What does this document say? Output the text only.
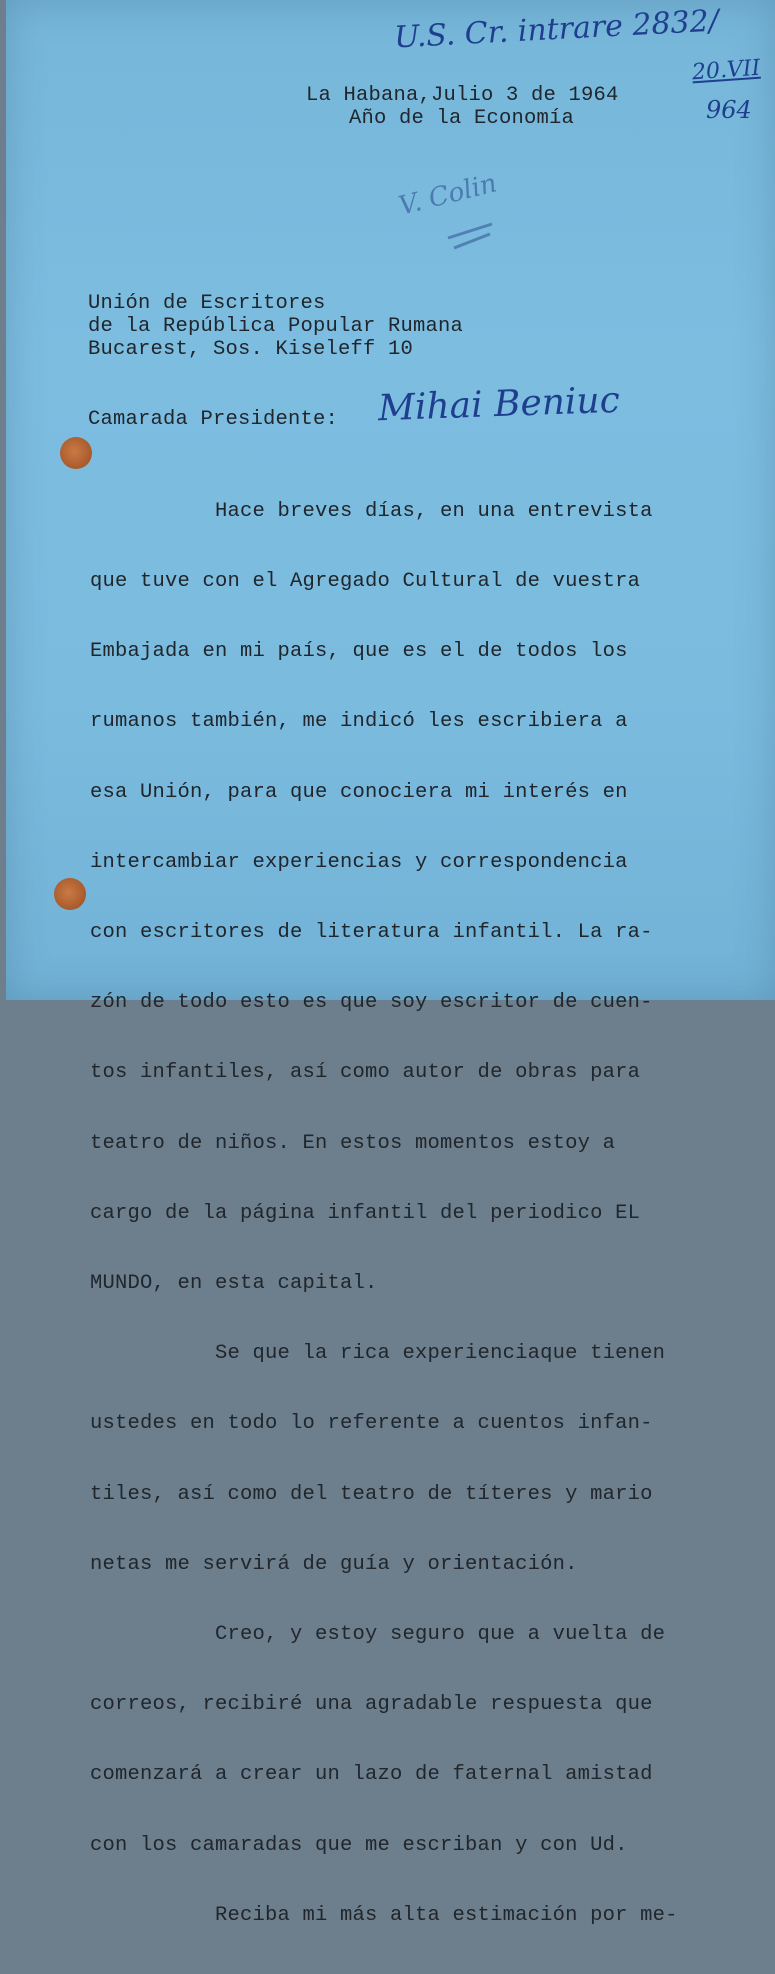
U.S. Cr. intrare 2832/
20.VII
964
La Habana,Julio 3 de 1964
Año de la Economía
V. Colin
Unión de Escritores
de la República Popular Rumana
Bucarest, Sos. Kiseleff 10
Camarada Presidente: Mihai Beniuc

Hace breves días, en una entrevista

que tuve con el Agregado Cultural de vuestra

Embajada en mi país, que es el de todos los

rumanos también, me indicó les escribiera a

esa Unión, para que conociera mi interés en

intercambiar experiencias y correspondencia

con escritores de literatura infantil. La ra-

zón de todo esto es que soy escritor de cuen-

tos infantiles, así como autor de obras para

teatro de niños. En estos momentos estoy a

cargo de la página infantil del periodico EL

MUNDO, en esta capital.

Se que la rica experienciaque tienen

ustedes en todo lo referente a cuentos infan-

tiles, así como del teatro de títeres y mario

netas me servirá de guía y orientación.

Creo, y estoy seguro que a vuelta de

correos, recibiré una agradable respuesta que

comenzará a crear un lazo de faternal amistad

con los camaradas que me escriban y con Ud.

Reciba mi más alta estimación por me-
